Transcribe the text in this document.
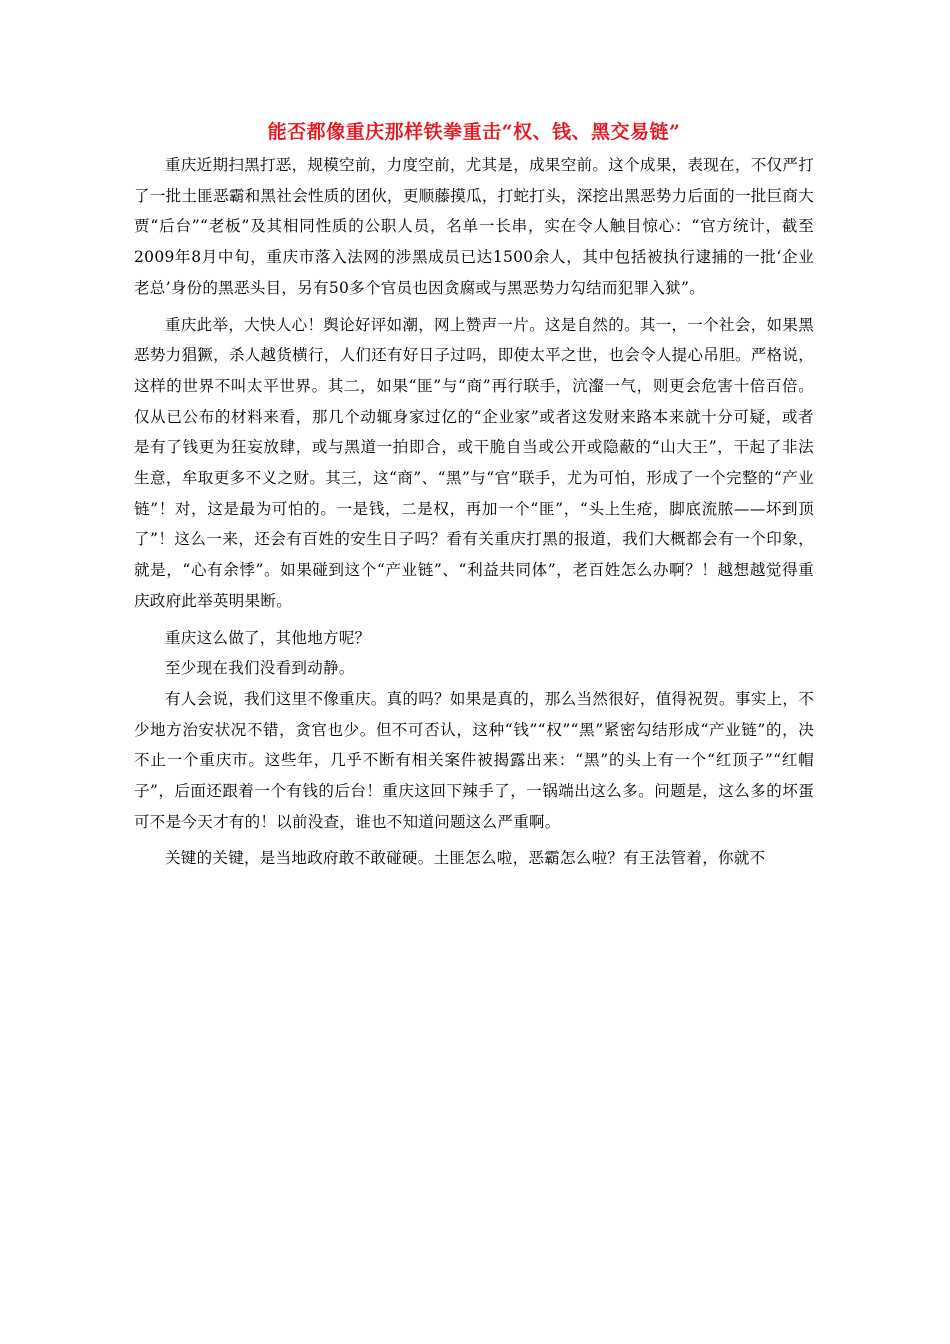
能否都像重庆那样铁拳重击“权、钱、黑交易链”

重庆近期扫黑打恶，规模空前，力度空前，尤其是，成果空前。这个成果，表现在，不仅严打了一批土匪恶霸和黑社会性质的团伙，更顺藤摸瓜，打蛇打头，深挖出黑恶势力后面的一批巨商大贾“后台”“老板”及其相同性质的公职人员，名单一长串，实在令人触目惊心：“官方统计，截至2009年8月中旬，重庆市落入法网的涉黑成员已达1500余人，其中包括被执行逮捕的一批‘企业老总’身份的黑恶头目，另有50多个官员也因贪腐或与黑恶势力勾结而犯罪入狱”。

重庆此举，大快人心！舆论好评如潮，网上赞声一片。这是自然的。其一，一个社会，如果黑恶势力猖獗，杀人越货横行，人们还有好日子过吗，即使太平之世，也会令人提心吊胆。严格说，这样的世界不叫太平世界。其二，如果“匪”与“商”再行联手，沆瀣一气，则更会危害十倍百倍。仅从已公布的材料来看，那几个动辄身家过亿的“企业家”或者这发财来路本来就十分可疑，或者是有了钱更为狂妄放肆，或与黑道一拍即合，或干脆自当或公开或隐蔽的“山大王”，干起了非法生意，牟取更多不义之财。其三，这“商”、“黑”与“官”联手，尤为可怕，形成了一个完整的“产业链”！对，这是最为可怕的。一是钱，二是权，再加一个“匪”，“头上生疮，脚底流脓——坏到顶了”！这么一来，还会有百姓的安生日子吗？看有关重庆打黑的报道，我们大概都会有一个印象，就是，“心有余悸”。如果碰到这个“产业链”、“利益共同体”，老百姓怎么办啊？！越想越觉得重庆政府此举英明果断。

重庆这么做了，其他地方呢？

至少现在我们没看到动静。

有人会说，我们这里不像重庆。真的吗？如果是真的，那么当然很好，值得祝贺。事实上，不少地方治安状况不错，贪官也少。但不可否认，这种“钱”“权”“黑”紧密勾结形成“产业链”的，决不止一个重庆市。这些年，几乎不断有相关案件被揭露出来：“黑”的头上有一个“红顶子”“红帽子”，后面还跟着一个有钱的后台！重庆这回下辣手了，一锅端出这么多。问题是，这么多的坏蛋可不是今天才有的！以前没查，谁也不知道问题这么严重啊。

关键的关键，是当地政府敢不敢碰硬。土匪怎么啦，恶霸怎么啦？有王法管着，你就不
